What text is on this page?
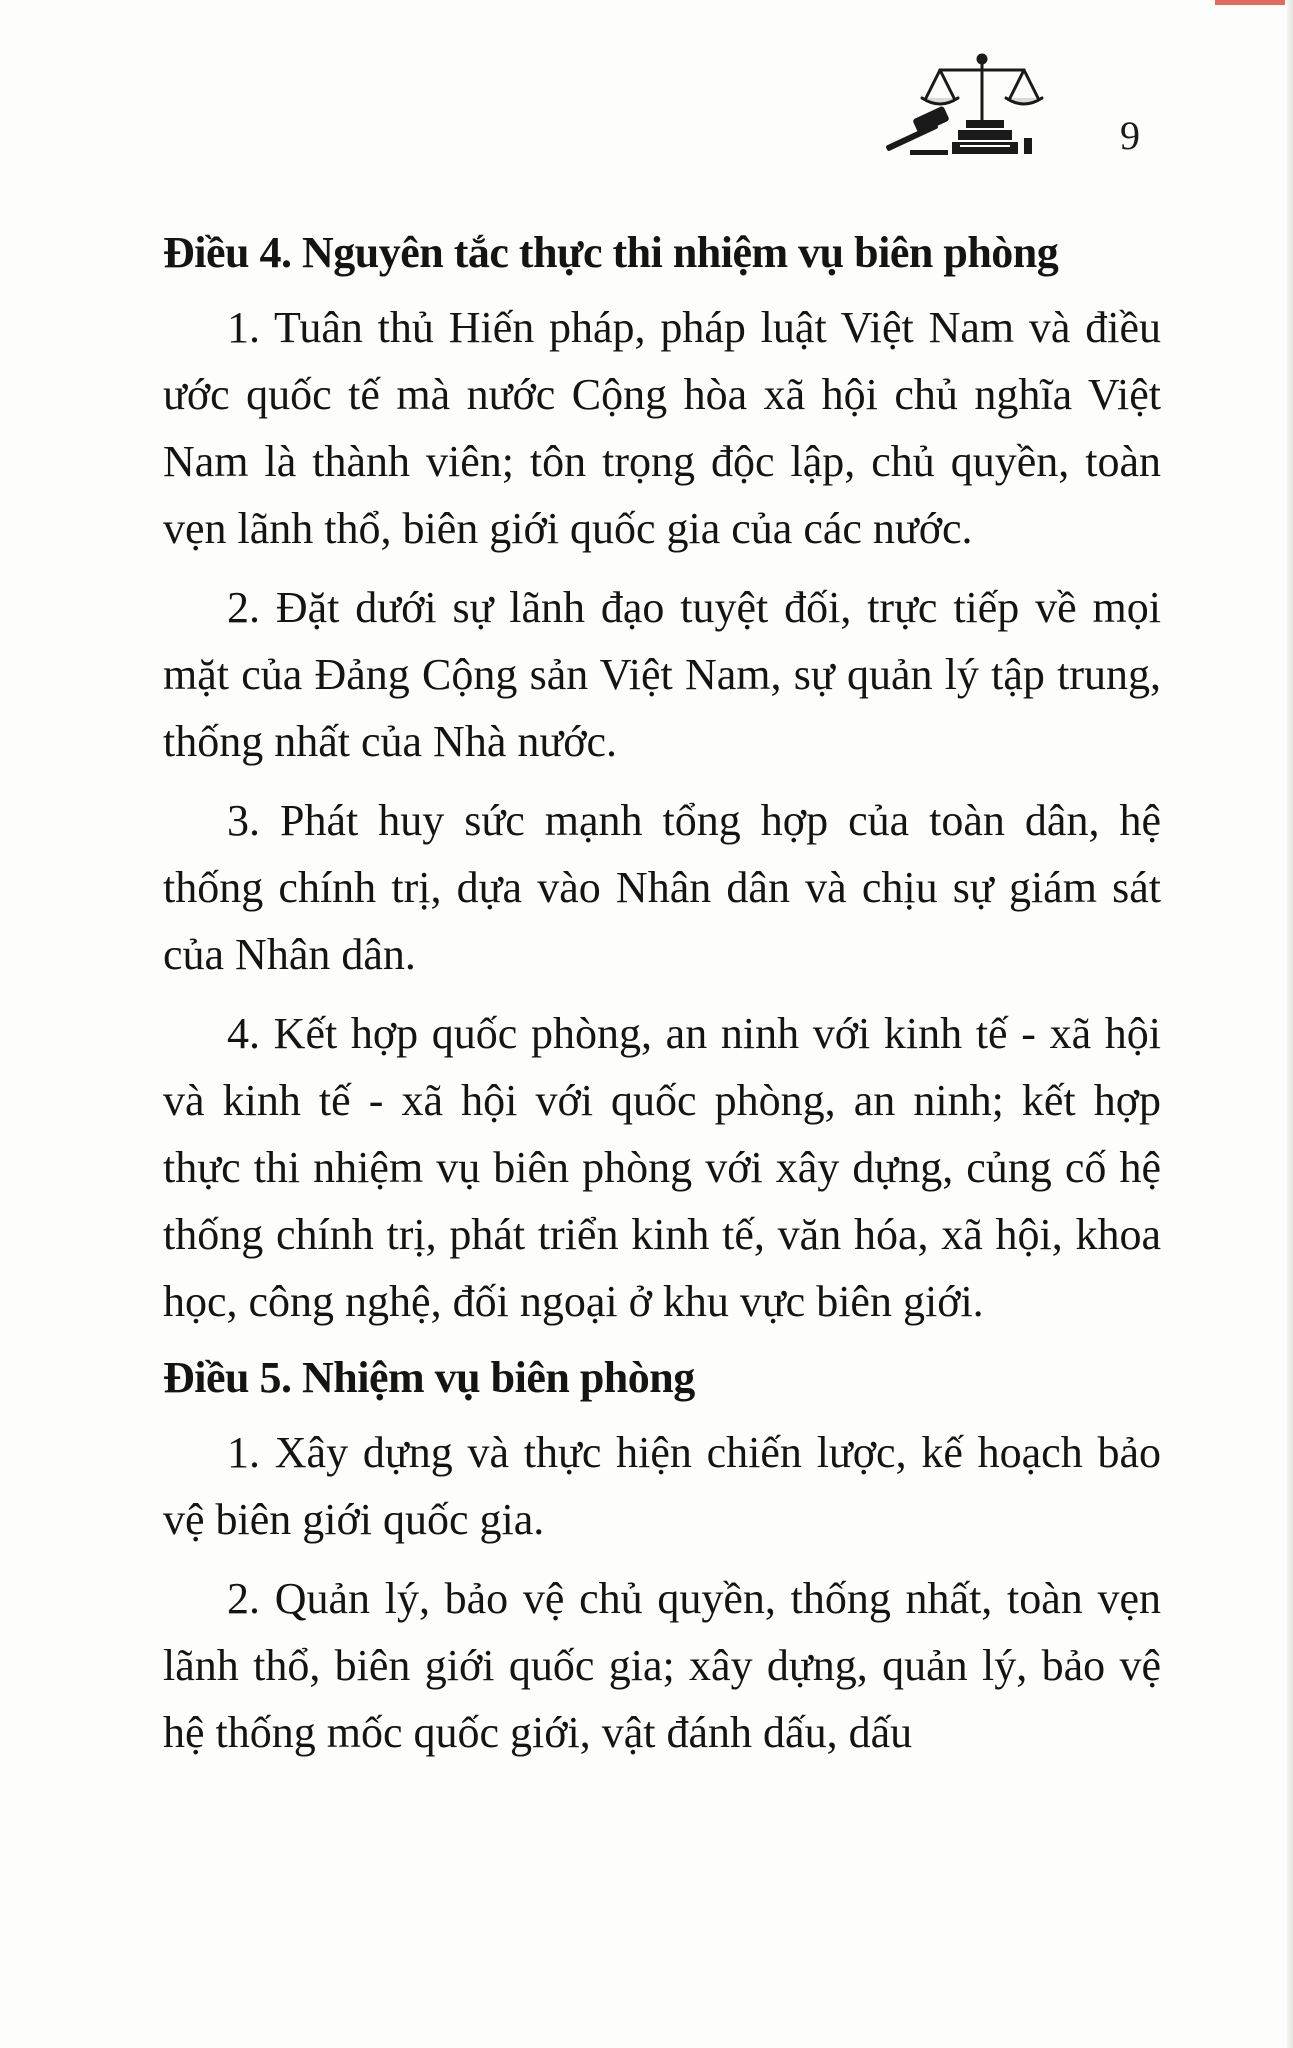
9
Điều 4. Nguyên tắc thực thi nhiệm vụ biên phòng

1. Tuân thủ Hiến pháp, pháp luật Việt Nam và điều ước quốc tế mà nước Cộng hòa xã hội chủ nghĩa Việt Nam là thành viên; tôn trọng độc lập, chủ quyền, toàn vẹn lãnh thổ, biên giới quốc gia của các nước.

2. Đặt dưới sự lãnh đạo tuyệt đối, trực tiếp về mọi mặt của Đảng Cộng sản Việt Nam, sự quản lý tập trung, thống nhất của Nhà nước.

3. Phát huy sức mạnh tổng hợp của toàn dân, hệ thống chính trị, dựa vào Nhân dân và chịu sự giám sát của Nhân dân.

4. Kết hợp quốc phòng, an ninh với kinh tế - xã hội và kinh tế - xã hội với quốc phòng, an ninh; kết hợp thực thi nhiệm vụ biên phòng với xây dựng, củng cố hệ thống chính trị, phát triển kinh tế, văn hóa, xã hội, khoa học, công nghệ, đối ngoại ở khu vực biên giới.

Điều 5. Nhiệm vụ biên phòng

1. Xây dựng và thực hiện chiến lược, kế hoạch bảo vệ biên giới quốc gia.

2. Quản lý, bảo vệ chủ quyền, thống nhất, toàn vẹn lãnh thổ, biên giới quốc gia; xây dựng, quản lý, bảo vệ hệ thống mốc quốc giới, vật đánh dấu, dấu
